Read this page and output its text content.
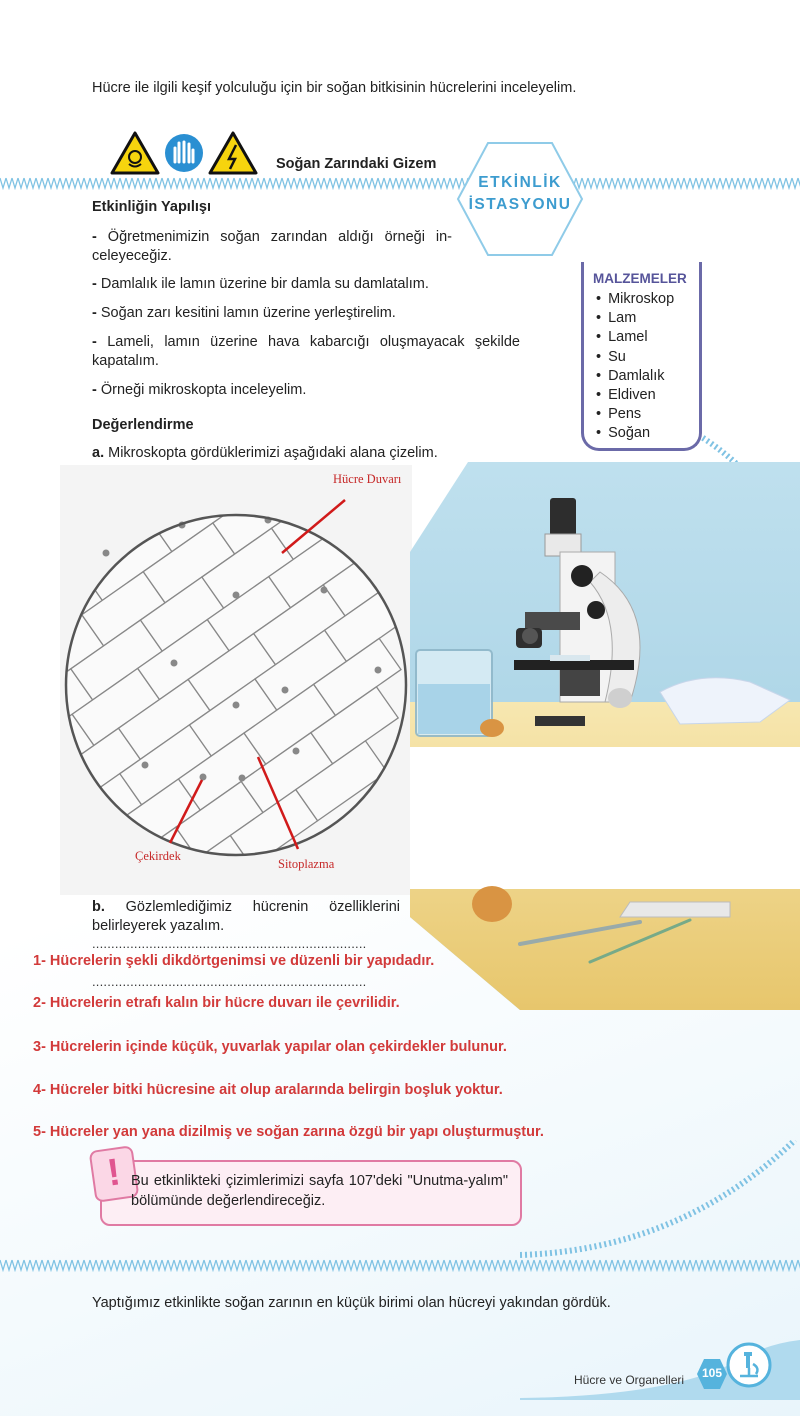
Hücre ile ilgili keşif yolculuğu için bir soğan bitkisinin hücrelerini inceleyelim.
Soğan Zarındaki Gizem
ETKİNLİK
İSTASYONU
Etkinliğin Yapılışı
- Öğretmenimizin soğan zarından aldığı örneği in-celeyeceğiz.
- Damlalık ile lamın üzerine bir damla su damlatalım.
- Soğan zarı kesitini lamın üzerine yerleştirelim.
- Lameli, lamın üzerine hava kabarcığı oluşmayacak şekilde kapatalım.
- Örneği mikroskopta inceleyelim.
MALZEMELER
• Mikroskop
• Lam
• Lamel
• Su
• Damlalık
• Eldiven
• Pens
• Soğan
Değerlendirme
a. Mikroskopta gördüklerimizi aşağıdaki alana çizelim.
Hücre Duvarı
Çekirdek
Sitoplazma
b. Gözlemlediğimiz hücrenin özelliklerini belirleyerek yazalım.
........................................................................
........................................................................
1- Hücrelerin şekli dikdörtgenimsi ve düzenli bir yapıdadır.
2- Hücrelerin etrafı kalın bir hücre duvarı ile çevrilidir.
3- Hücrelerin içinde küçük, yuvarlak yapılar olan çekirdekler bulunur.
4- Hücreler bitki hücresine ait olup aralarında belirgin boşluk yoktur.
5- Hücreler yan yana dizilmiş ve soğan zarına özgü bir yapı oluşturmuştur.
! Bu etkinlikteki çizimlerimizi sayfa 107'deki "Unutma-yalım" bölümünde değerlendireceğiz.
Yaptığımız etkinlikte soğan zarının en küçük birimi olan hücreyi yakından gördük.
Hücre ve Organelleri	105
